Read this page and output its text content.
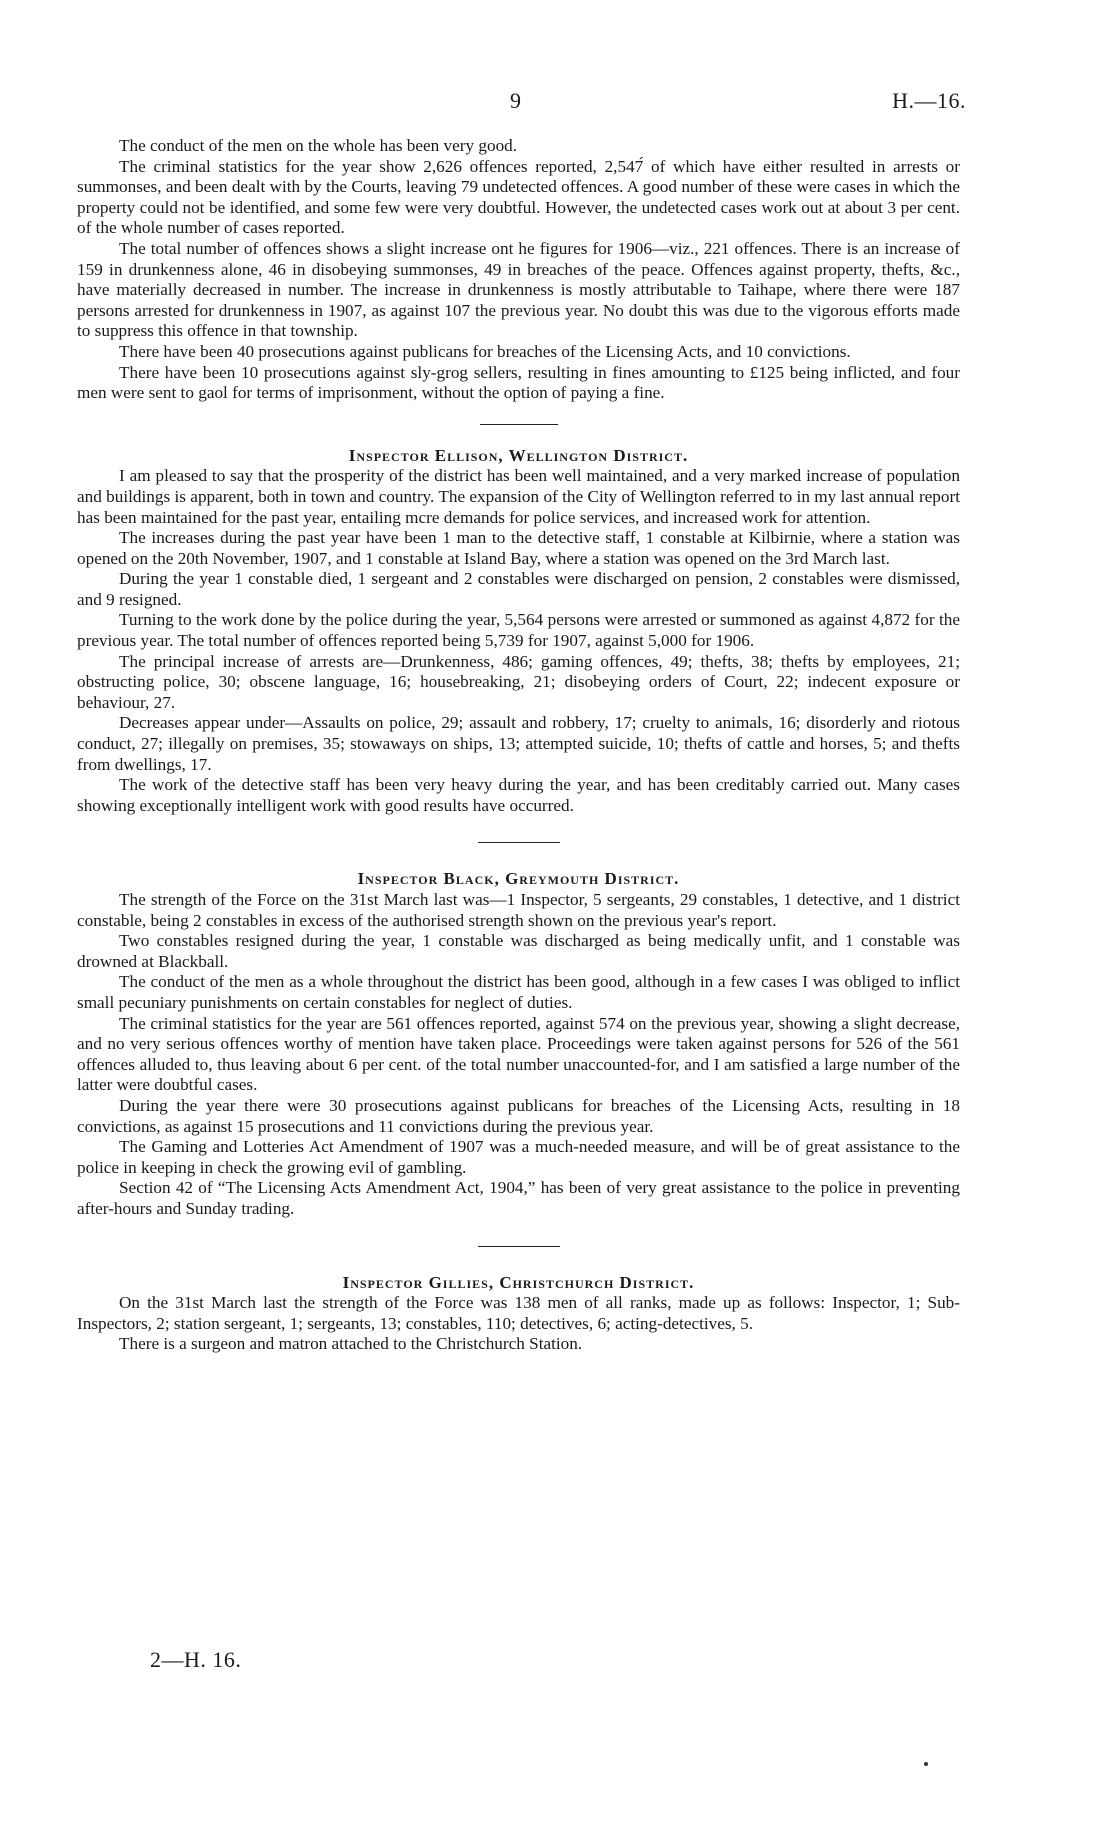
9	H.—16.

The conduct of the men on the whole has been very good.

The criminal statistics for the year show 2,626 offences reported, 2,547́ of which have either resulted in arrests or summonses, and been dealt with by the Courts, leaving 79 undetected offences. A good number of these were cases in which the property could not be identified, and some few were very doubtful. However, the undetected cases work out at about 3 per cent. of the whole number of cases reported.

The total number of offences shows a slight increase ont he figures for 1906—viz., 221 offences. There is an increase of 159 in drunkenness alone, 46 in disobeying summonses, 49 in breaches of the peace. Offences against property, thefts, &c., have materially decreased in number. The increase in drunkenness is mostly attributable to Taihape, where there were 187 persons arrested for drunkenness in 1907, as against 107 the previous year. No doubt this was due to the vigorous efforts made to suppress this offence in that township.

There have been 40 prosecutions against publicans for breaches of the Licensing Acts, and 10 convictions.

There have been 10 prosecutions against sly-grog sellers, resulting in fines amounting to £125 being inflicted, and four men were sent to gaol for terms of imprisonment, without the option of paying a fine.

Inspector Ellison, Wellington District.

I am pleased to say that the prosperity of the district has been well maintained, and a very marked increase of population and buildings is apparent, both in town and country. The expansion of the City of Wellington referred to in my last annual report has been maintained for the past year, entailing mcre demands for police services, and increased work for attention.

The increases during the past year have been 1 man to the detective staff, 1 constable at Kilbirnie, where a station was opened on the 20th November, 1907, and 1 constable at Island Bay, where a station was opened on the 3rd March last.

During the year 1 constable died, 1 sergeant and 2 constables were discharged on pension, 2 constables were dismissed, and 9 resigned.

Turning to the work done by the police during the year, 5,564 persons were arrested or summoned as against 4,872 for the previous year. The total number of offences reported being 5,739 for 1907, against 5,000 for 1906.

The principal increase of arrests are—Drunkenness, 486; gaming offences, 49; thefts, 38; thefts by employees, 21; obstructing police, 30; obscene language, 16; housebreaking, 21; disobeying orders of Court, 22; indecent exposure or behaviour, 27.

Decreases appear under—Assaults on police, 29; assault and robbery, 17; cruelty to animals, 16; disorderly and riotous conduct, 27; illegally on premises, 35; stowaways on ships, 13; attempted suicide, 10; thefts of cattle and horses, 5; and thefts from dwellings, 17.

The work of the detective staff has been very heavy during the year, and has been creditably carried out. Many cases showing exceptionally intelligent work with good results have occurred.

Inspector Black, Greymouth District.

The strength of the Force on the 31st March last was—1 Inspector, 5 sergeants, 29 constables, 1 detective, and 1 district constable, being 2 constables in excess of the authorised strength shown on the previous year's report.

Two constables resigned during the year, 1 constable was discharged as being medically unfit, and 1 constable was drowned at Blackball.

The conduct of the men as a whole throughout the district has been good, although in a few cases I was obliged to inflict small pecuniary punishments on certain constables for neglect of duties.

The criminal statistics for the year are 561 offences reported, against 574 on the previous year, showing a slight decrease, and no very serious offences worthy of mention have taken place. Proceedings were taken against persons for 526 of the 561 offences alluded to, thus leaving about 6 per cent. of the total number unaccounted-for, and I am satisfied a large number of the latter were doubtful cases.

During the year there were 30 prosecutions against publicans for breaches of the Licensing Acts, resulting in 18 convictions, as against 15 prosecutions and 11 convictions during the previous year.

The Gaming and Lotteries Act Amendment of 1907 was a much-needed measure, and will be of great assistance to the police in keeping in check the growing evil of gambling.

Section 42 of “The Licensing Acts Amendment Act, 1904,” has been of very great assistance to the police in preventing after-hours and Sunday trading.

Inspector Gillies, Christchurch District.

On the 31st March last the strength of the Force was 138 men of all ranks, made up as follows: Inspector, 1; Sub-Inspectors, 2; station sergeant, 1; sergeants, 13; constables, 110; detectives, 6; acting-detectives, 5.

There is a surgeon and matron attached to the Christchurch Station.

2—H. 16.
